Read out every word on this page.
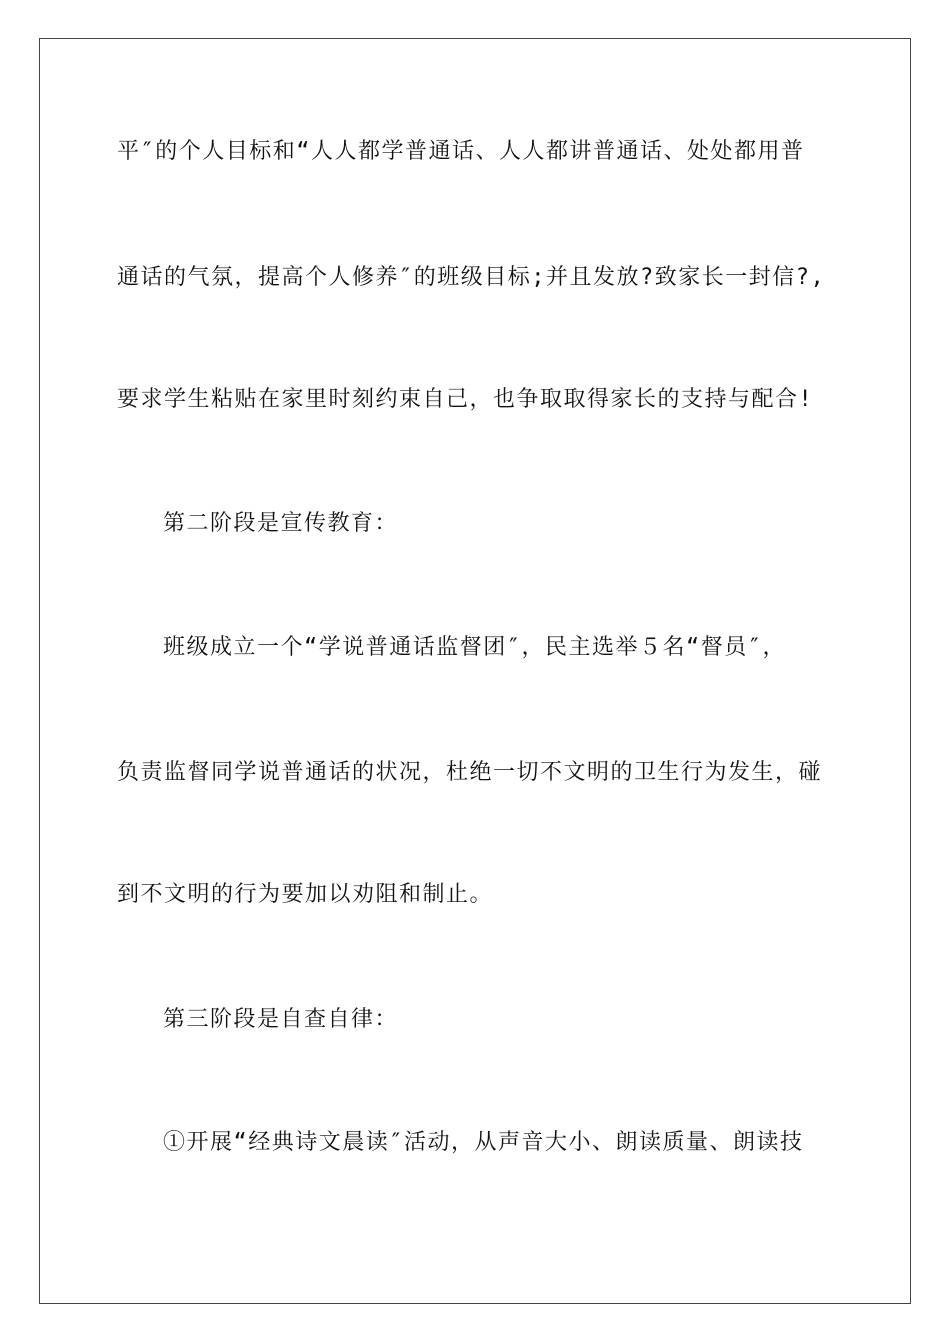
平″的个人目标和“人人都学普通话、人人都讲普通话、处处都用普
通话的气氛，提高个人修养″的班级目标;并且发放?致家长一封信?,
要求学生粘贴在家里时刻约束自己，也争取取得家长的支持与配合!
第二阶段是宣传教育：
班级成立一个“学说普通话监督团″，民主选举５名“督员″，
负责监督同学说普通话的状况，杜绝一切不文明的卫生行为发生，碰
到不文明的行为要加以劝阻和制止。
第三阶段是自查自律：
①开展“经典诗文晨读″活动，从声音大小、朗读质量、朗读技
